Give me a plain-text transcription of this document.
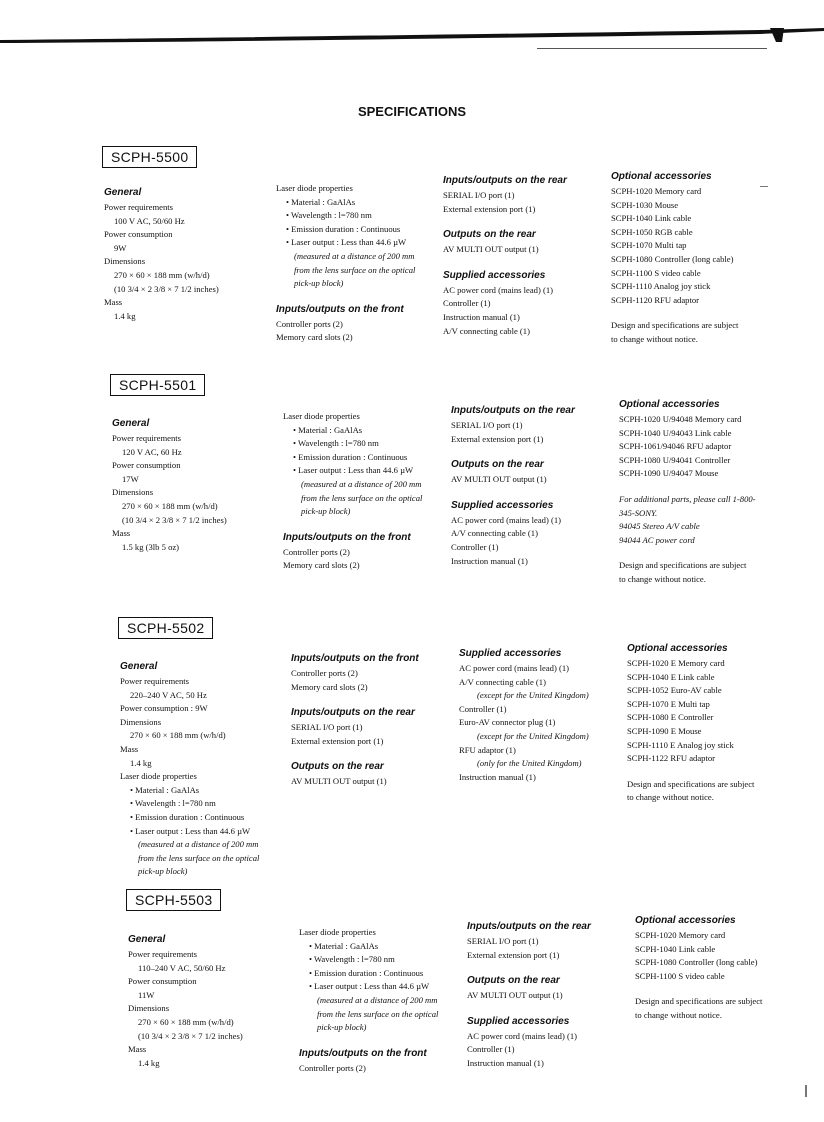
SPECIFICATIONS
SCPH-5500
General
Power requirements
100 V AC, 50/60 Hz
Power consumption
9W
Dimensions
270 × 60 × 188 mm (w/h/d)
(10 3/4 × 2 3/8 × 7 1/2 inches)
Mass
1.4 kg
Laser diode properties
• Material : GaAlAs
• Wavelength : l=780 nm
• Emission duration : Continuous
• Laser output : Less than 44.6 µW
(measured at a distance of 200 mm
from the lens surface on the optical
pick-up block)
Inputs/outputs on the front
Controller ports (2)
Memory card slots (2)
Inputs/outputs on the rear
SERIAL I/O port (1)
External extension port (1)
Outputs on the rear
AV MULTI OUT output (1)
Supplied accessories
AC power cord (mains lead) (1)
Controller (1)
Instruction manual (1)
A/V connecting cable (1)
Optional accessories
SCPH-1020 Memory card
SCPH-1030 Mouse
SCPH-1040 Link cable
SCPH-1050 RGB cable
SCPH-1070 Multi tap
SCPH-1080 Controller (long cable)
SCPH-1100 S video cable
SCPH-1110 Analog joy stick
SCPH-1120 RFU adaptor
Design and specifications are subject
to change without notice.
SCPH-5501
General
Power requirements
120 V AC, 60 Hz
Power consumption
17W
Dimensions
270 × 60 × 188 mm (w/h/d)
(10 3/4 × 2 3/8 × 7 1/2 inches)
Mass
1.5 kg (3lb 5 oz)
Laser diode properties
• Material : GaAlAs
• Wavelength : l=780 nm
• Emission duration : Continuous
• Laser output : Less than 44.6 µW
(measured at a distance of 200 mm
from the lens surface on the optical
pick-up block)
Inputs/outputs on the front
Controller ports (2)
Memory card slots (2)
Inputs/outputs on the rear
SERIAL I/O port (1)
External extension port (1)
Outputs on the rear
AV MULTI OUT output (1)
Supplied accessories
AC power cord (mains lead) (1)
A/V connecting cable (1)
Controller (1)
Instruction manual (1)
Optional accessories
SCPH-1020 U/94048 Memory card
SCPH-1040 U/94043 Link cable
SCPH-1061/94046 RFU adaptor
SCPH-1080 U/94041 Controller
SCPH-1090 U/94047 Mouse
For additional parts, please call 1-800-
345-SONY.
94045 Stereo A/V cable
94044 AC power cord
Design and specifications are subject
to change without notice.
SCPH-5502
General
Power requirements
220–240 V AC, 50 Hz
Power consumption : 9W
Dimensions
270 × 60 × 188 mm (w/h/d)
Mass
1.4 kg
Laser diode properties
• Material : GaAlAs
• Wavelength : l=780 nm
• Emission duration : Continuous
• Laser output : Less than 44.6 µW
(measured at a distance of 200 mm
from the lens surface on the optical
pick-up block)
Inputs/outputs on the front
Controller ports (2)
Memory card slots (2)
Inputs/outputs on the rear
SERIAL I/O port (1)
External extension port (1)
Outputs on the rear
AV MULTI OUT output (1)
Supplied accessories
AC power cord (mains lead) (1)
A/V connecting cable (1)
(except for the United Kingdom)
Controller (1)
Euro-AV connector plug (1)
(except for the United Kingdom)
RFU adaptor (1)
(only for the United Kingdom)
Instruction manual (1)
Optional accessories
SCPH-1020 E Memory card
SCPH-1040 E Link cable
SCPH-1052 Euro-AV cable
SCPH-1070 E Multi tap
SCPH-1080 E Controller
SCPH-1090 E Mouse
SCPH-1110 E Analog joy stick
SCPH-1122 RFU adaptor
Design and specifications are subject
to change without notice.
SCPH-5503
General
Power requirements
110–240 V AC, 50/60 Hz
Power consumption
11W
Dimensions
270 × 60 × 188 mm (w/h/d)
(10 3/4 × 2 3/8 × 7 1/2 inches)
Mass
1.4 kg
Laser diode properties
• Material : GaAlAs
• Wavelength : l=780 nm
• Emission duration : Continuous
• Laser output : Less than 44.6 µW
(measured at a distance of 200 mm
from the lens surface on the optical
pick-up block)
Inputs/outputs on the front
Controller ports (2)
Inputs/outputs on the rear
SERIAL I/O port (1)
External extension port (1)
Outputs on the rear
AV MULTI OUT output (1)
Supplied accessories
AC power cord (mains lead) (1)
Controller (1)
Instruction manual (1)
Optional accessories
SCPH-1020 Memory card
SCPH-1040 Link cable
SCPH-1080 Controller (long cable)
SCPH-1100 S video cable
Design and specifications are subject
to change without notice.
